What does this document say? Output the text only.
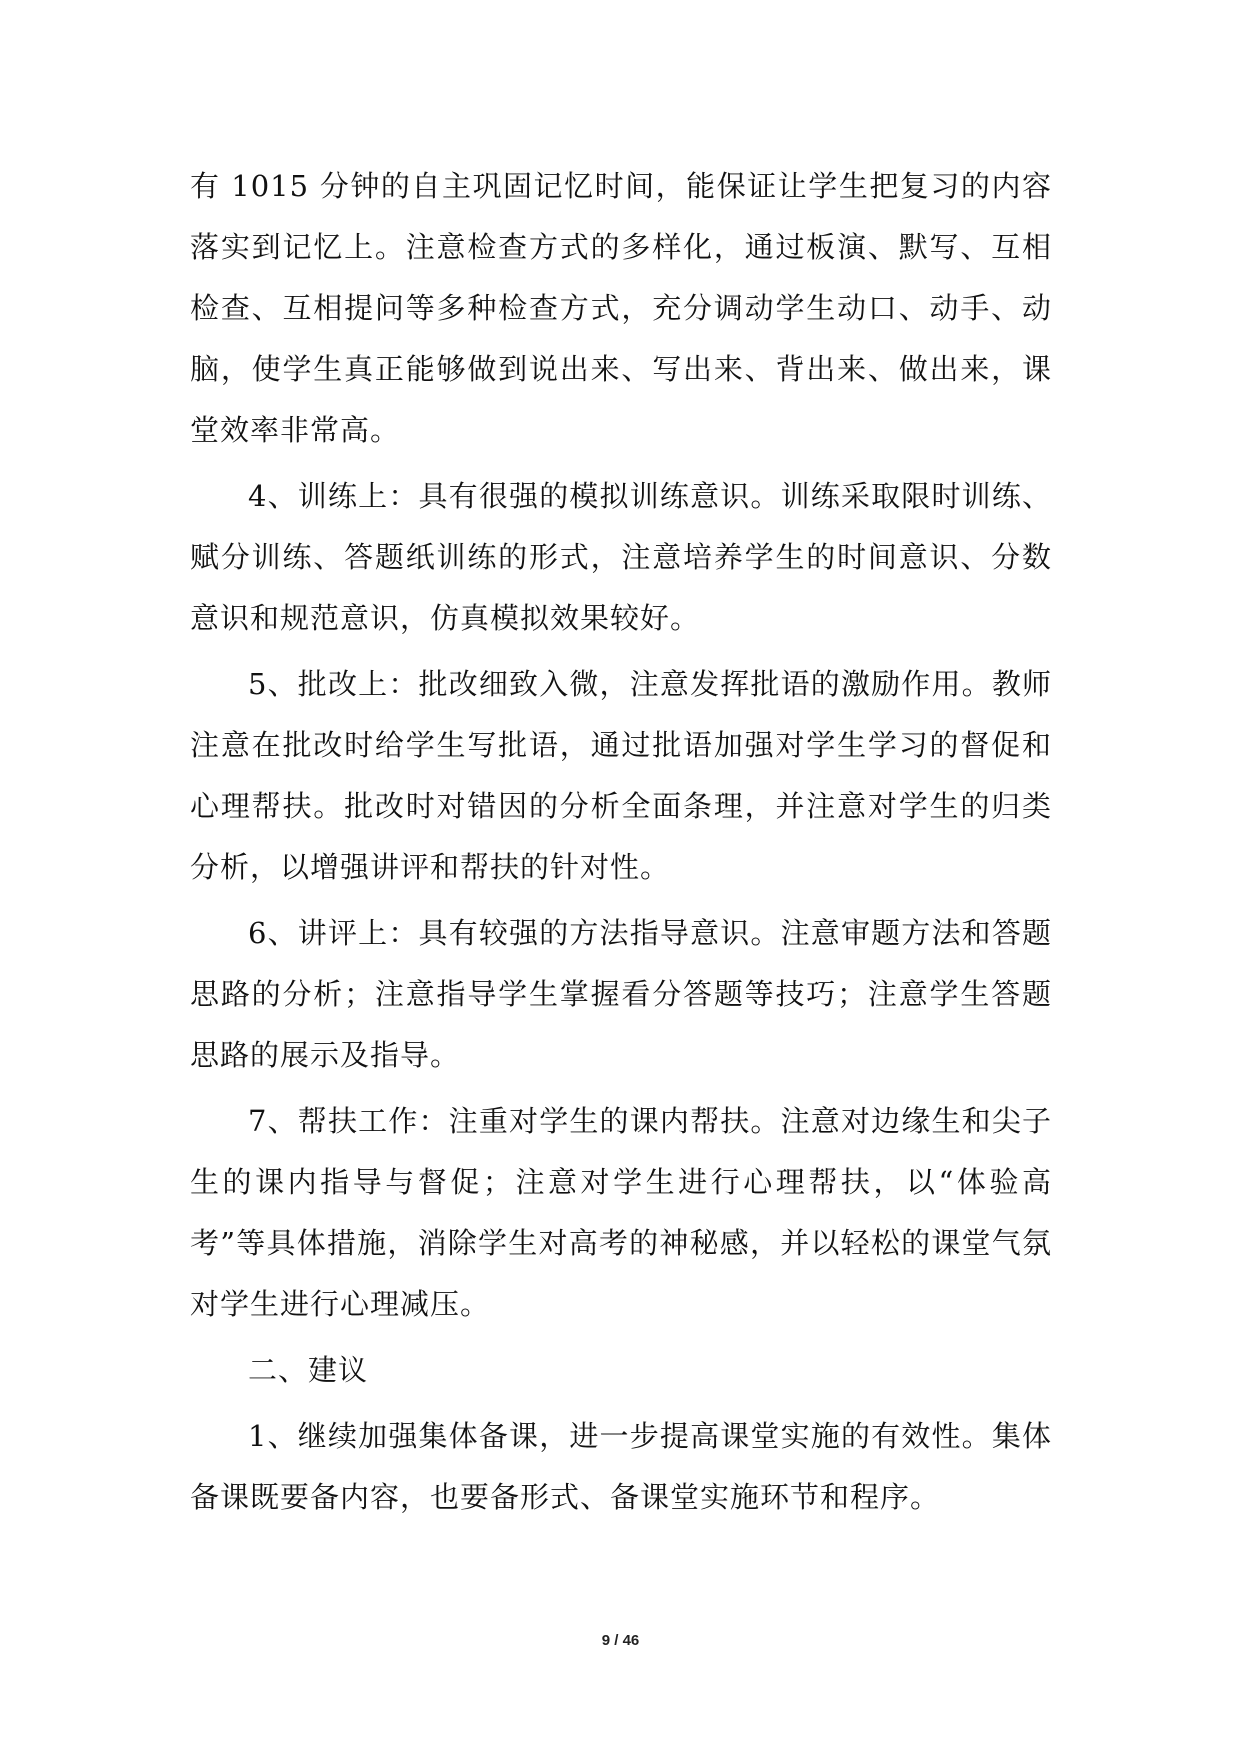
有 1015 分钟的自主巩固记忆时间，能保证让学生把复习的内容落实到记忆上。注意检查方式的多样化，通过板演、默写、互相检查、互相提问等多种检查方式，充分调动学生动口、动手、动脑，使学生真正能够做到说出来、写出来、背出来、做出来，课堂效率非常高。

4、训练上：具有很强的模拟训练意识。训练采取限时训练、赋分训练、答题纸训练的形式，注意培养学生的时间意识、分数意识和规范意识，仿真模拟效果较好。

5、批改上：批改细致入微，注意发挥批语的激励作用。教师注意在批改时给学生写批语，通过批语加强对学生学习的督促和心理帮扶。批改时对错因的分析全面条理，并注意对学生的归类分析，以增强讲评和帮扶的针对性。

6、讲评上：具有较强的方法指导意识。注意审题方法和答题思路的分析；注意指导学生掌握看分答题等技巧；注意学生答题思路的展示及指导。

7、帮扶工作：注重对学生的课内帮扶。注意对边缘生和尖子生的课内指导与督促；注意对学生进行心理帮扶，以“体验高考”等具体措施，消除学生对高考的神秘感，并以轻松的课堂气氛对学生进行心理减压。

二、建议

1、继续加强集体备课，进一步提高课堂实施的有效性。集体备课既要备内容，也要备形式、备课堂实施环节和程序。

9 / 46
